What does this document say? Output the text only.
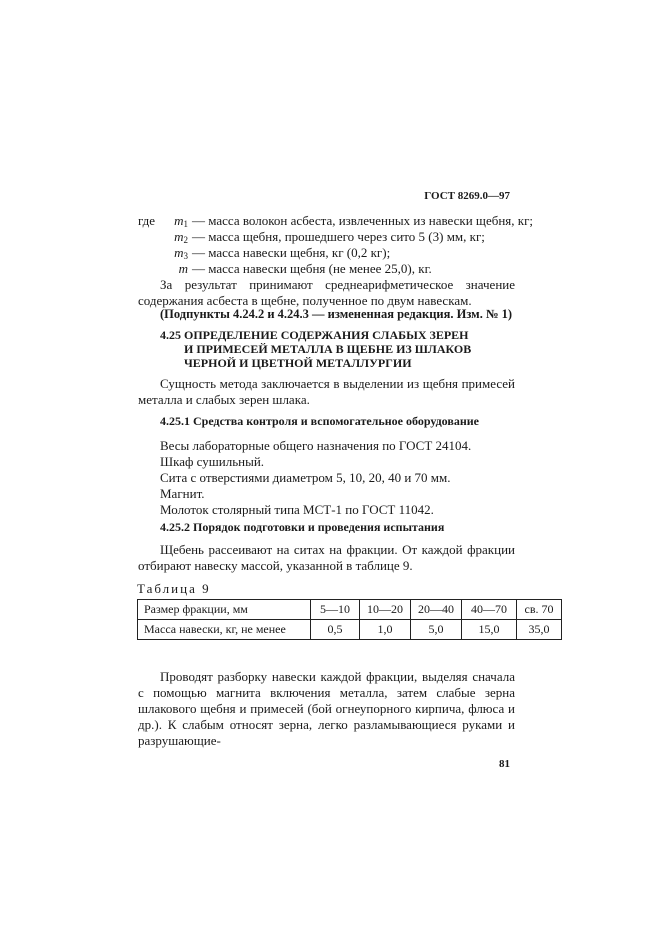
ГОСТ 8269.0—97
где	$m_1$ — масса волокон асбеста, извлеченных из навески щебня, кг;
$m_2$ — масса щебня, прошедшего через сито 5 (3) мм, кг;
$m_3$ — масса навески щебня, кг (0,2 кг);
m — масса навески щебня (не менее 25,0), кг.
За результат принимают среднеарифметическое значение содержания асбеста в щебне, полученное по двум навескам.
(Подпункты 4.24.2 и 4.24.3 — измененная редакция. Изм. № 1)
4.25 ОПРЕДЕЛЕНИЕ СОДЕРЖАНИЯ СЛАБЫХ ЗЕРЕН
И ПРИМЕСЕЙ МЕТАЛЛА В ЩЕБНЕ ИЗ ШЛАКОВ
ЧЕРНОЙ И ЦВЕТНОЙ МЕТАЛЛУРГИИ
Сущность метода заключается в выделении из щебня примесей металла и слабых зерен шлака.
4.25.1 Средства контроля и вспомогательное оборудование
Весы лабораторные общего назначения по ГОСТ 24104.
Шкаф сушильный.
Сита с отверстиями диаметром 5, 10, 20, 40 и 70 мм.
Магнит.
Молоток столярный типа МСТ-1 по ГОСТ 11042.
4.25.2 Порядок подготовки и проведения испытания
Щебень рассеивают на ситах на фракции. От каждой фракции отбирают навеску массой, указанной в таблице 9.
Таблица 9
Размер фракции, мм	5—10	10—20	20—40	40—70	св. 70
Масса навески, кг, не менее	0,5	1,0	5,0	15,0	35,0
Проводят разборку навески каждой фракции, выделяя сначала с помощью магнита включения металла, затем слабые зерна шлакового щебня и примесей (бой огнеупорного кирпича, флюса и др.). К слабым относят зерна, легко разламывающиеся руками и разрушающие-
81
